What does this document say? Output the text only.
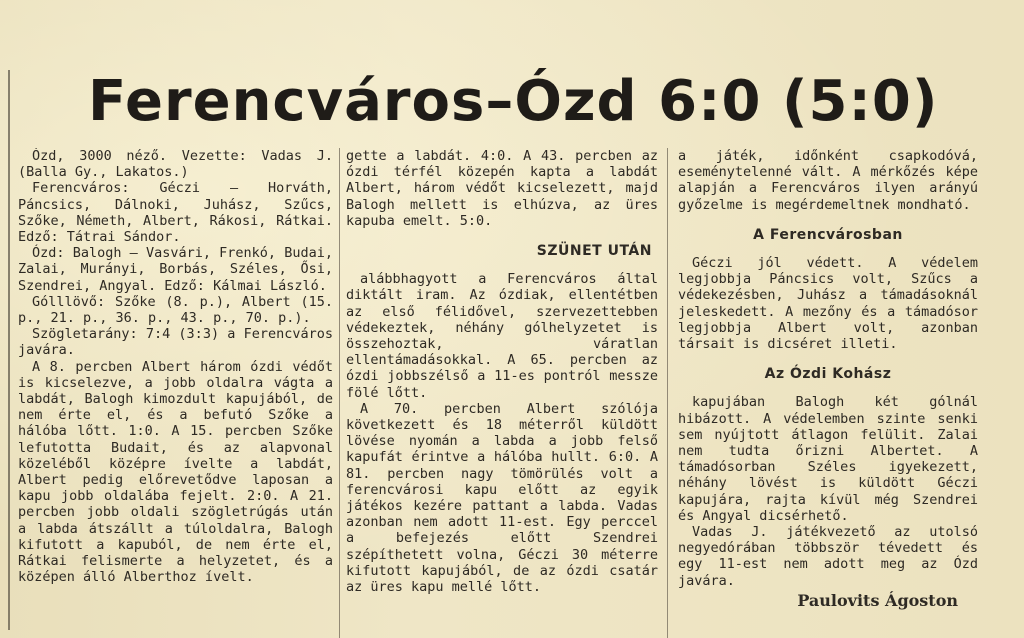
Ferencváros–Ózd 6:0 (5:0)

Ózd, 3000 néző. Vezette: Vadas J. (Balla Gy., Lakatos.)

Ferencváros: Géczi — Horváth, Páncsics, Dálnoki, Juhász, Szűcs, Szőke, Németh, Albert, Rákosi, Rátkai. Edző: Tátrai Sándor.

Ózd: Balogh — Vasvári, Frenkó, Budai, Zalai, Murányi, Borbás, Széles, Ősi, Szendrei, Angyal. Edző: Kálmai László.

Gólllövő: Szőke (8. p.), Albert (15. p., 21. p., 36. p., 43. p., 70. p.).

Szögletarány: 7:4 (3:3) a Ferencváros javára.

A 8. percben Albert három ózdi védőt is kicselezve, a jobb oldalra vágta a labdát, Balogh kimozdult kapujából, de nem érte el, és a befutó Szőke a hálóba lőtt. 1:0. A 15. percben Szőke lefutotta Budait, és az alapvonal közeléből középre ívelte a labdát, Albert pedig előrevetődve laposan a kapu jobb oldalába fejelt. 2:0. A 21. percben jobb oldali szögletrúgás után a labda átszállt a túloldalra, Balogh kifutott a kapuból, de nem érte el, Rátkai felismerte a helyzetet, és a középen álló Alberthoz ívelt.

gette a labdát. 4:0. A 43. percben az ózdi térfél közepén kapta a labdát Albert, három védőt kicselezett, majd Balogh mellett is elhúzva, az üres kapuba emelt. 5:0.

SZÜNET UTÁN

alábbhagyott a Ferencváros által diktált iram. Az ózdiak, ellentétben az első félidővel, szervezettebben védekeztek, néhány gólhelyzetet is összehoztak, váratlan ellentámadásokkal. A 65. percben az ózdi jobbszélső a 11-es pontról messze fölé lőtt.

A 70. percben Albert szólója következett és 18 méterről küldött lövése nyomán a labda a jobb felső kapufát érintve a hálóba hullt. 6:0. A 81. percben nagy tömörülés volt a ferencvárosi kapu előtt az egyik játékos kezére pattant a labda. Vadas azonban nem adott 11-est. Egy perccel a befejezés előtt Szendrei szépíthetett volna, Géczi 30 méterre kifutott kapujából, de az ózdi csatár az üres kapu mellé lőtt.

a játék, időnként csapkodóvá, eseménytelenné vált. A mérkőzés képe alapján a Ferencváros ilyen arányú győzelme is megérdemeltnek mondható.

A Ferencvárosban

Géczi jól védett. A védelem legjobbja Páncsics volt, Szűcs a védekezésben, Juhász a támadásoknál jeleskedett. A mezőny és a támadósor legjobbja Albert volt, azonban társait is dicséret illeti.

Az Ózdi Kohász

kapujában Balogh két gólnál hibázott. A védelemben szinte senki sem nyújtott átlagon felülit. Zalai nem tudta őrizni Albertet. A támadósorban Széles igyekezett, néhány lövést is küldött Géczi kapujára, rajta kívül még Szendrei és Angyal dicsérhető.

Vadas J. játékvezető az utolsó negyedórában többször tévedett és egy 11-est nem adott meg az Ózd javára.

Paulovits Ágoston
